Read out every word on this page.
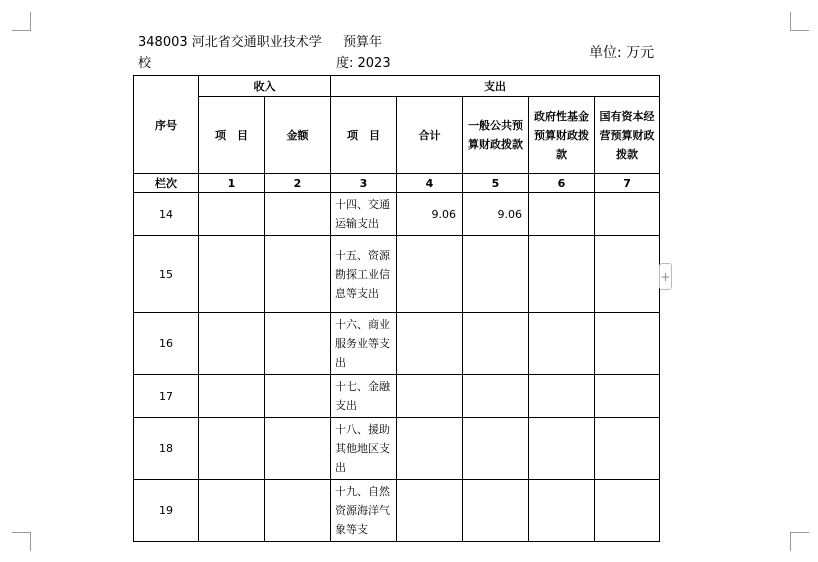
348003 河北省交通职业技术学
校
预算年
度: 2023
单位: 万元
序号	收入		支出				
	项　目	金额	项　目	合计	一般公共预算财政拨款	政府性基金预算财政拨款	国有资本经营预算财政拨款
栏次	1	2	3	4	5	6	7
14			十四、交通运输支出	9.06	9.06		
15			十五、资源勘探工业信息等支出				
16			十六、商业服务业等支出				
17			十七、金融支出				
18			十八、援助其他地区支出				
19			十九、自然资源海洋气象等支				
+
